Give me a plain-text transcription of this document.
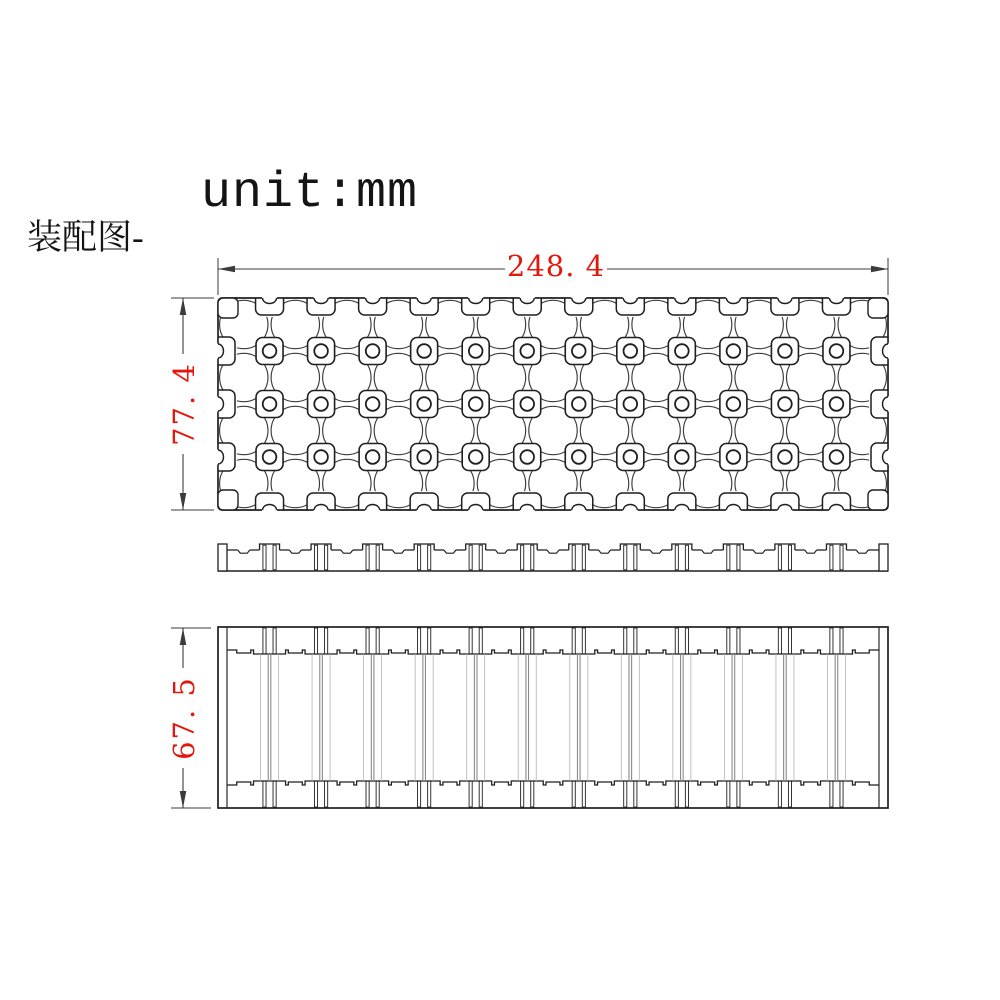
装配图-
unit:mm
248. 4
77. 4
67. 5
